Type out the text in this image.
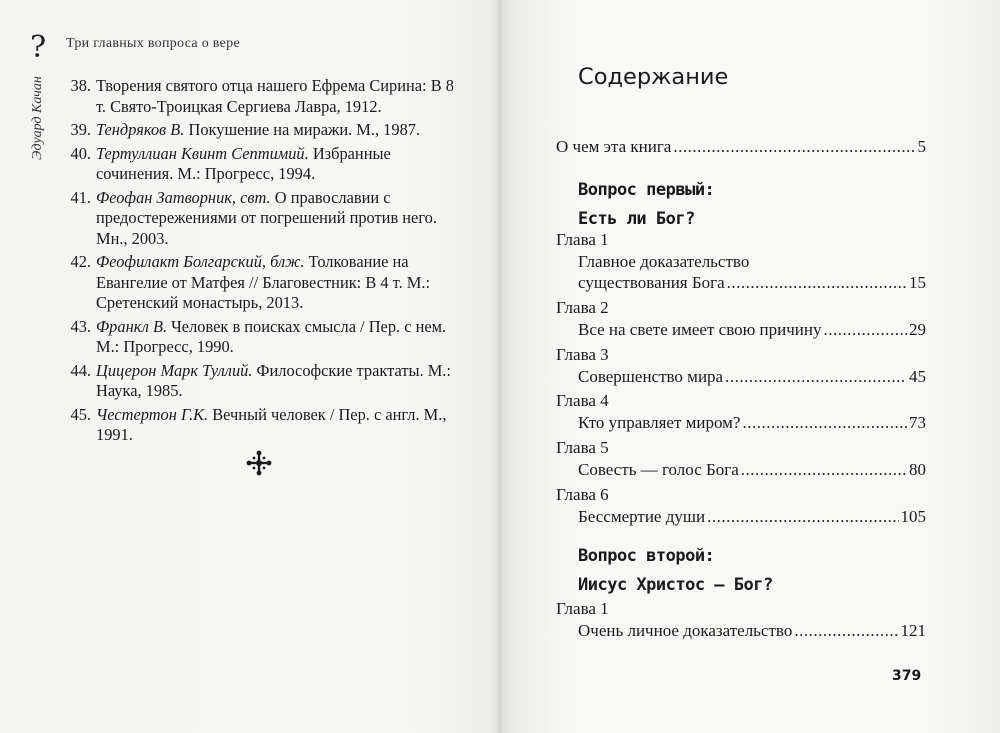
? Три главных вопроса о вере
Эдуард Качан	38. Творения святого отца нашего Ефрема Сирина: В 8 т. Свято-Троицкая Сергиева Лавра, 1912.
39. Тендряков В. Покушение на миражи. М., 1987.
40. Тертуллиан Квинт Септимий. Избранные сочинения. М.: Прогресс, 1994.
41. Феофан Затворник, свт. О православии с предостережениями от погрешений против него. Мн., 2003.
42. Феофилакт Болгарский, блж. Толкование на Евангелие от Матфея // Благовестник: В 4 т. М.: Сретенский монастырь, 2013.
43. Франкл В. Человек в поисках смысла / Пер. с нем. М.: Прогресс, 1990.
44. Цицерон Марк Туллий. Философские трактаты. М.: Наука, 1985.
45. Честертон Г.К. Вечный человек / Пер. с англ. М., 1991.
Содержание
О чем эта книга .....	5
Вопрос первый:
Есть ли Бог?
Глава 1
Главное доказательство
существования Бога .....	15
Глава 2
Все на свете имеет свою причину .....	29
Глава 3
Совершенство мира .....	45
Глава 4
Кто управляет миром? .....	73
Глава 5
Совесть — голос Бога .....	80
Глава 6
Бессмертие души .....	105
Вопрос второй:
Иисус Христос — Бог?
Глава 1
Очень личное доказательство .....	121
379
